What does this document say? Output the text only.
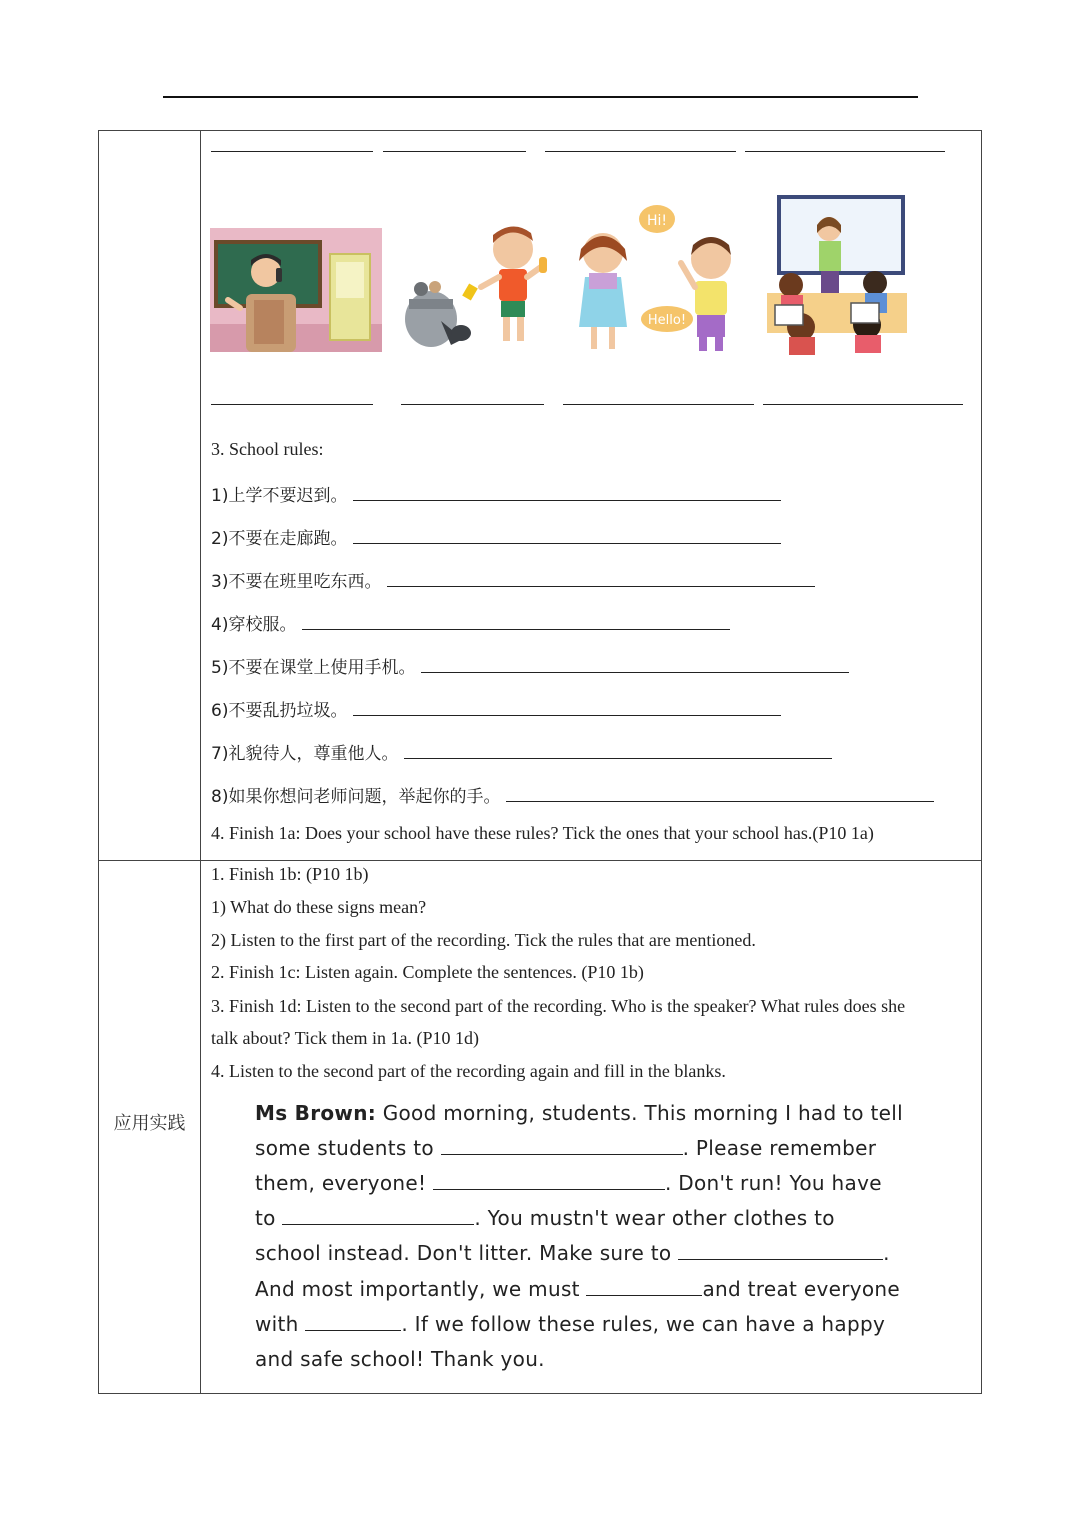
应用实践
Hi!
Hello!
3. School rules:
1)上学不要迟到。
2)不要在走廊跑。
3)不要在班里吃东西。
4)穿校服。
5)不要在课堂上使用手机。
6)不要乱扔垃圾。
7)礼貌待人，尊重他人。
8)如果你想问老师问题，举起你的手。
4. Finish 1a: Does your school have these rules? Tick the ones that your school has.(P10 1a)
1. Finish 1b: (P10 1b)
1) What do these signs mean?
2) Listen to the first part of the recording. Tick the rules that are mentioned.
2. Finish 1c: Listen again. Complete the sentences. (P10 1b)
3. Finish 1d: Listen to the second part of the recording. Who is the speaker? What rules does she
talk about? Tick them in 1a. (P10 1d)
4. Listen to the second part of the recording again and fill in the blanks.
Ms Brown: Good morning, students. This morning I had to tell
some students to	. Please remember
them, everyone!	. Don't run! You have
to	. You mustn't wear other clothes to
school instead. Don't litter. Make sure to	.
And most importantly, we must	and treat everyone
with	. If we follow these rules, we can have a happy
and safe school! Thank you.
